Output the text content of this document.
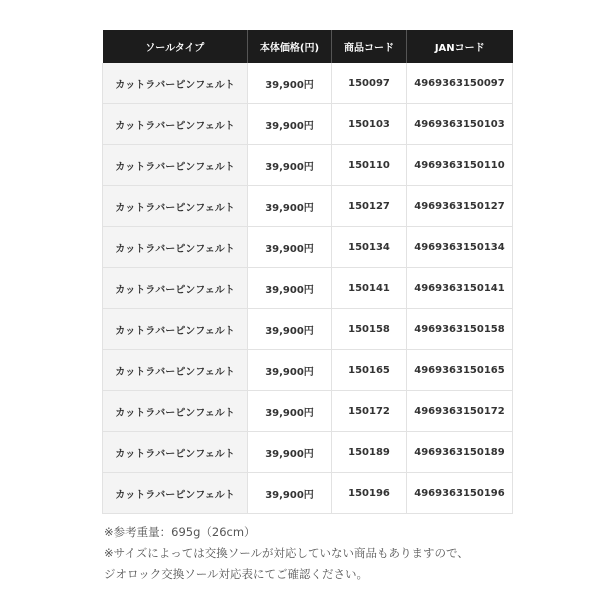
ソールタイプ	本体価格(円)	商品コード	JANコード
カットラバーピンフェルト	39,900円	150097	4969363150097
カットラバーピンフェルト	39,900円	150103	4969363150103
カットラバーピンフェルト	39,900円	150110	4969363150110
カットラバーピンフェルト	39,900円	150127	4969363150127
カットラバーピンフェルト	39,900円	150134	4969363150134
カットラバーピンフェルト	39,900円	150141	4969363150141
カットラバーピンフェルト	39,900円	150158	4969363150158
カットラバーピンフェルト	39,900円	150165	4969363150165
カットラバーピンフェルト	39,900円	150172	4969363150172
カットラバーピンフェルト	39,900円	150189	4969363150189
カットラバーピンフェルト	39,900円	150196	4969363150196
※参考重量：695g（26cm）
※サイズによっては交換ソールが対応していない商品もありますので、
ジオロック交換ソール対応表にてご確認ください。
